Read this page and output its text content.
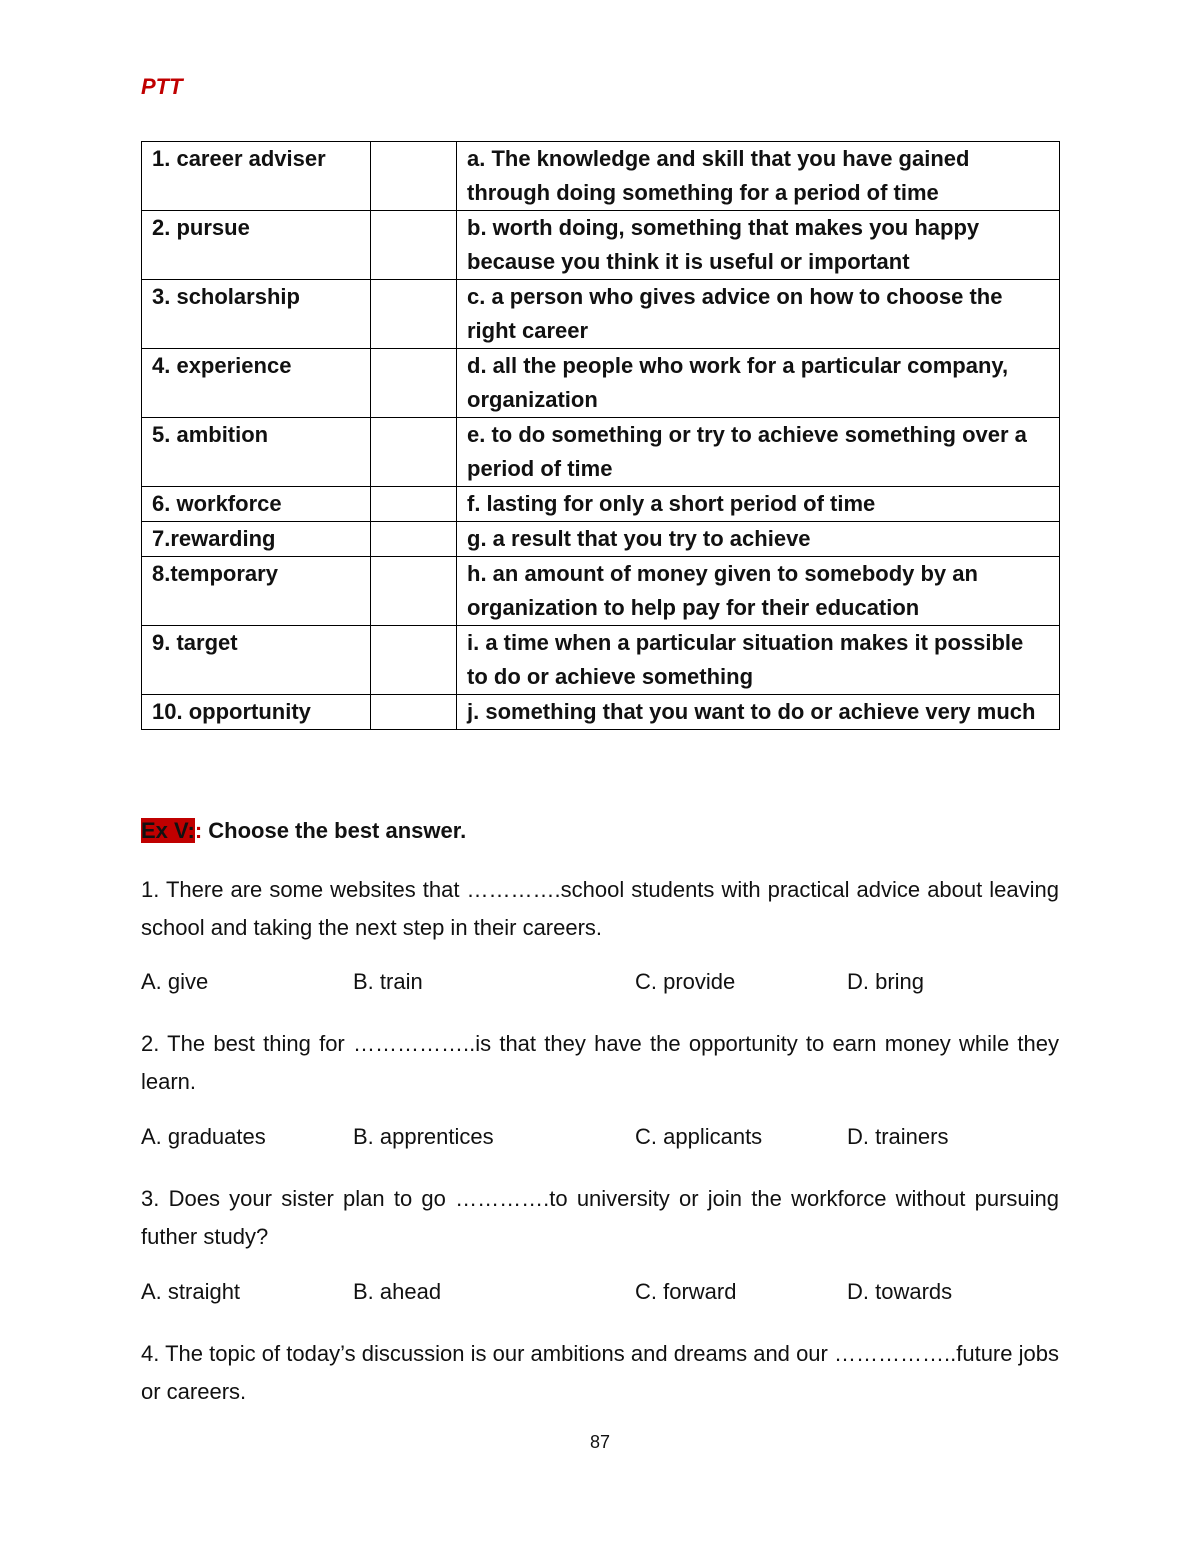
PTT
1. career adviser		a. The knowledge and skill that you have gained through doing something for a period of time
2. pursue		b. worth doing, something that makes you happy because you think it is useful or important
3. scholarship		c. a person who gives advice on how to choose the right career
4. experience		d. all the people who work for a particular company, organization
5. ambition		e. to do something or try to achieve something over a period of time
6. workforce		f. lasting for only a short period of time
7.rewarding		g. a result that you try to achieve
8.temporary		h. an amount of money given to somebody by an organization to help pay for their education
9. target		i. a time when a particular situation makes it possible to do or achieve something
10. opportunity		j. something that you want to do or achieve very much
Ex V:: Choose the best answer.
1. There are some websites that ………….school students with practical advice about leaving school and taking the next step in their careers.
A. give	B. train	C. provide	D. bring
2. The best thing for ……………..is that they have the opportunity to earn money while they learn.
A. graduates	B. apprentices	C. applicants	D. trainers
3. Does your sister plan to go ………….to university or join the workforce without pursuing futher study?
A. straight	B. ahead	C. forward	D. towards
4. The topic of today’s discussion is our ambitions and dreams and our ……………..future jobs or careers.
87
